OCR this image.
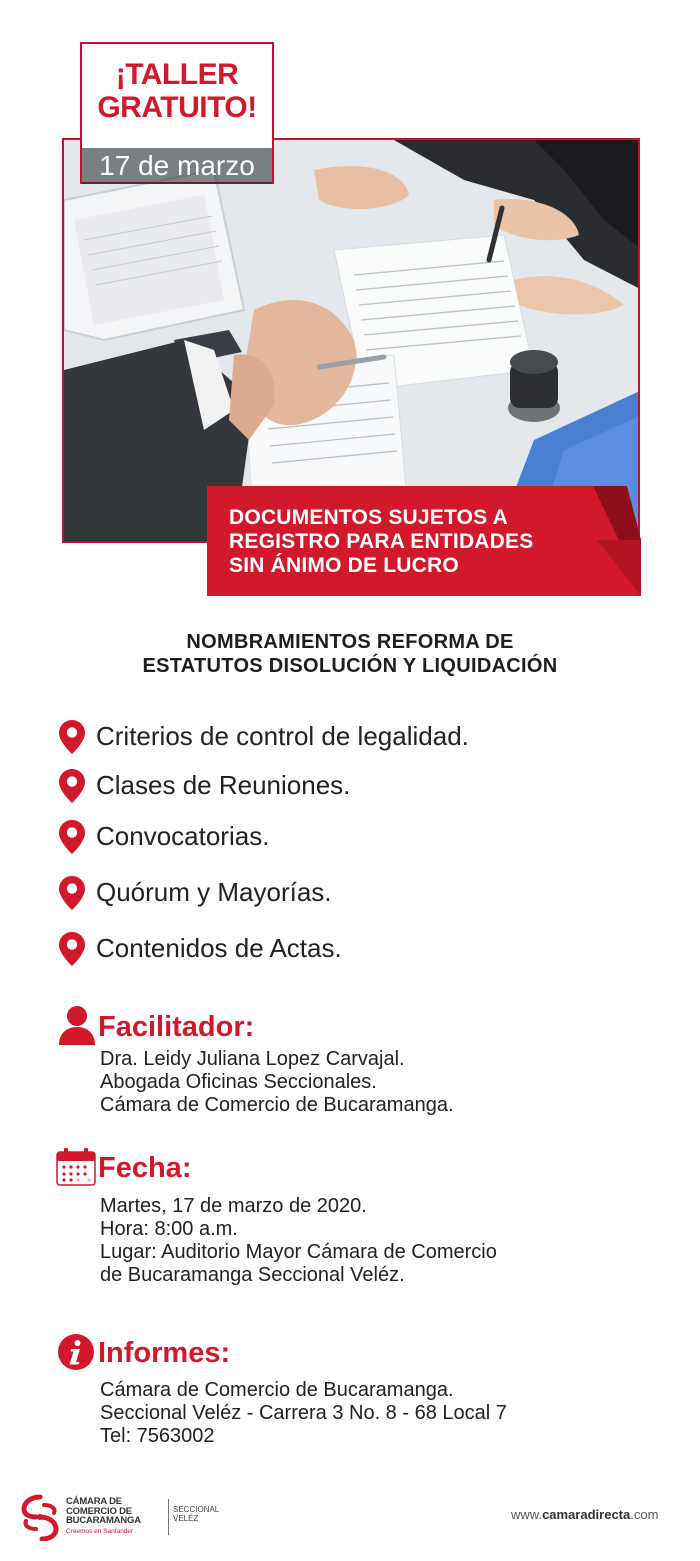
¡TALLER
GRATUITO!
17 de marzo
DOCUMENTOS SUJETOS A
REGISTRO PARA ENTIDADES
SIN ÁNIMO DE LUCRO
NOMBRAMIENTOS REFORMA DE
ESTATUTOS DISOLUCIÓN Y LIQUIDACIÓN
Criterios de control de legalidad.
Clases de Reuniones.
Convocatorias.
Quórum y Mayorías.
Contenidos de Actas.
Facilitador:
Dra. Leidy Juliana Lopez Carvajal.
Abogada Oficinas Seccionales.
Cámara de Comercio de Bucaramanga.
Fecha:
Martes, 17 de marzo de 2020.
Hora: 8:00 a.m.
Lugar: Auditorio Mayor Cámara de Comercio
de Bucaramanga Seccional Veléz.
Informes:
Cámara de Comercio de Bucaramanga.
Seccional Veléz - Carrera 3 No. 8 - 68 Local 7
Tel: 7563002
CÁMARA DE
COMERCIO DE
BUCARAMANGA
Creemos en Santander
SECCIONAL
VELÉZ	www.camaradirecta.com
